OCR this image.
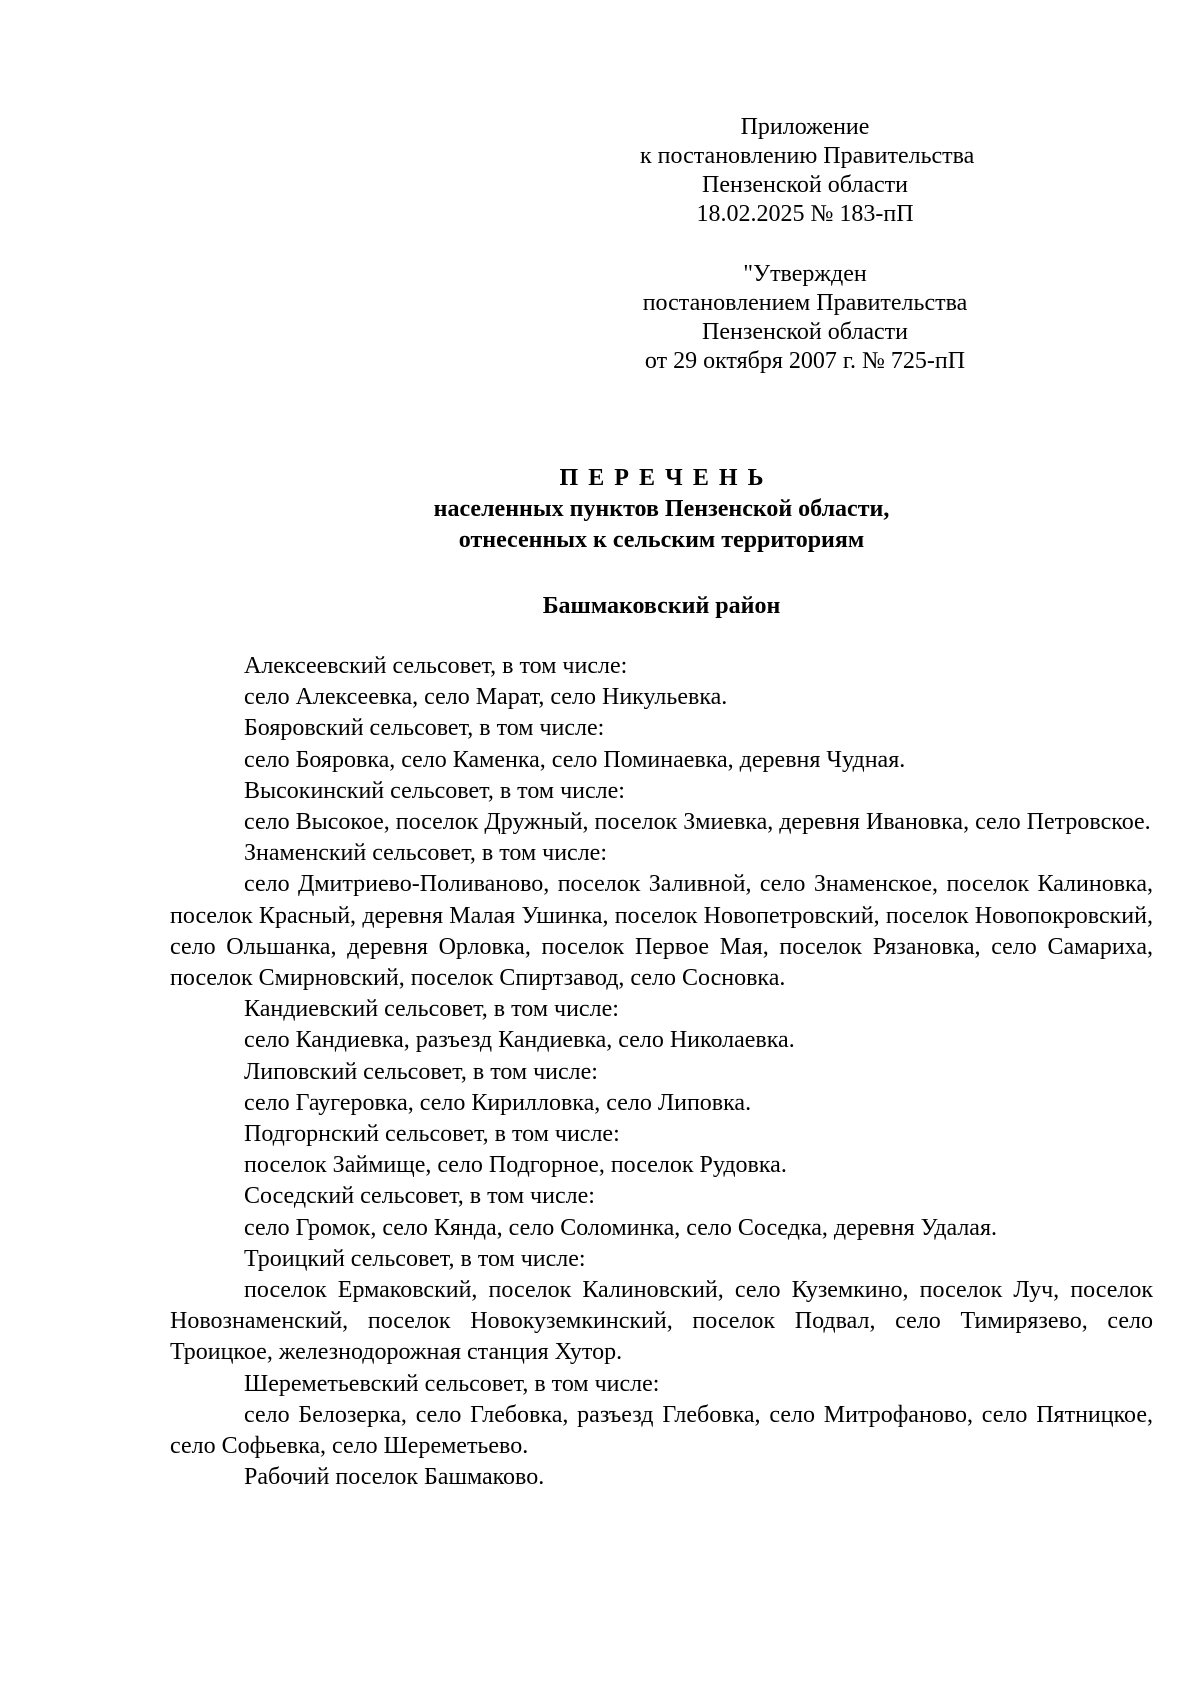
Приложение

к постановлению Правительства

Пензенской области

18.02.2025 № 183-пП

"Утвержден

постановлением Правительства

Пензенской области

от 29 октября 2007 г. № 725-пП

ПЕРЕЧЕНЬ

населенных пунктов Пензенской области,

отнесенных к сельским территориям

Башмаковский район

Алексеевский сельсовет, в том числе:

село Алексеевка, село Марат, село Никульевка.

Бояровский сельсовет, в том числе:

село Бояровка, село Каменка, село Поминаевка, деревня Чудная.

Высокинский сельсовет, в том числе:

село Высокое, поселок Дружный, поселок Змиевка, деревня Ивановка, село Петровское.

Знаменский сельсовет, в том числе:

село Дмитриево-Поливаново, поселок Заливной, село Знаменское, поселок Калиновка, поселок Красный, деревня Малая Ушинка, поселок Новопетровский, поселок Новопокровский, село Ольшанка, деревня Орловка, поселок Первое Мая, поселок Рязановка, село Самариха, поселок Смирновский, поселок Спиртзавод, село Сосновка.

Кандиевский сельсовет, в том числе:

село Кандиевка, разъезд Кандиевка, село Николаевка.

Липовский сельсовет, в том числе:

село Гаугеровка, село Кирилловка, село Липовка.

Подгорнский сельсовет, в том числе:

поселок Займище, село Подгорное, поселок Рудовка.

Соседский сельсовет, в том числе:

село Громок, село Кянда, село Соломинка, село Соседка, деревня Удалая.

Троицкий сельсовет, в том числе:

поселок Ермаковский, поселок Калиновский, село Куземкино, поселок Луч, поселок Новознаменский, поселок Новокуземкинский, поселок Подвал, село Тимирязево, село Троицкое, железнодорожная станция Хутор.

Шереметьевский сельсовет, в том числе:

село Белозерка, село Глебовка, разъезд Глебовка, село Митрофаново, село Пятницкое, село Софьевка, село Шереметьево.

Рабочий поселок Башмаково.
